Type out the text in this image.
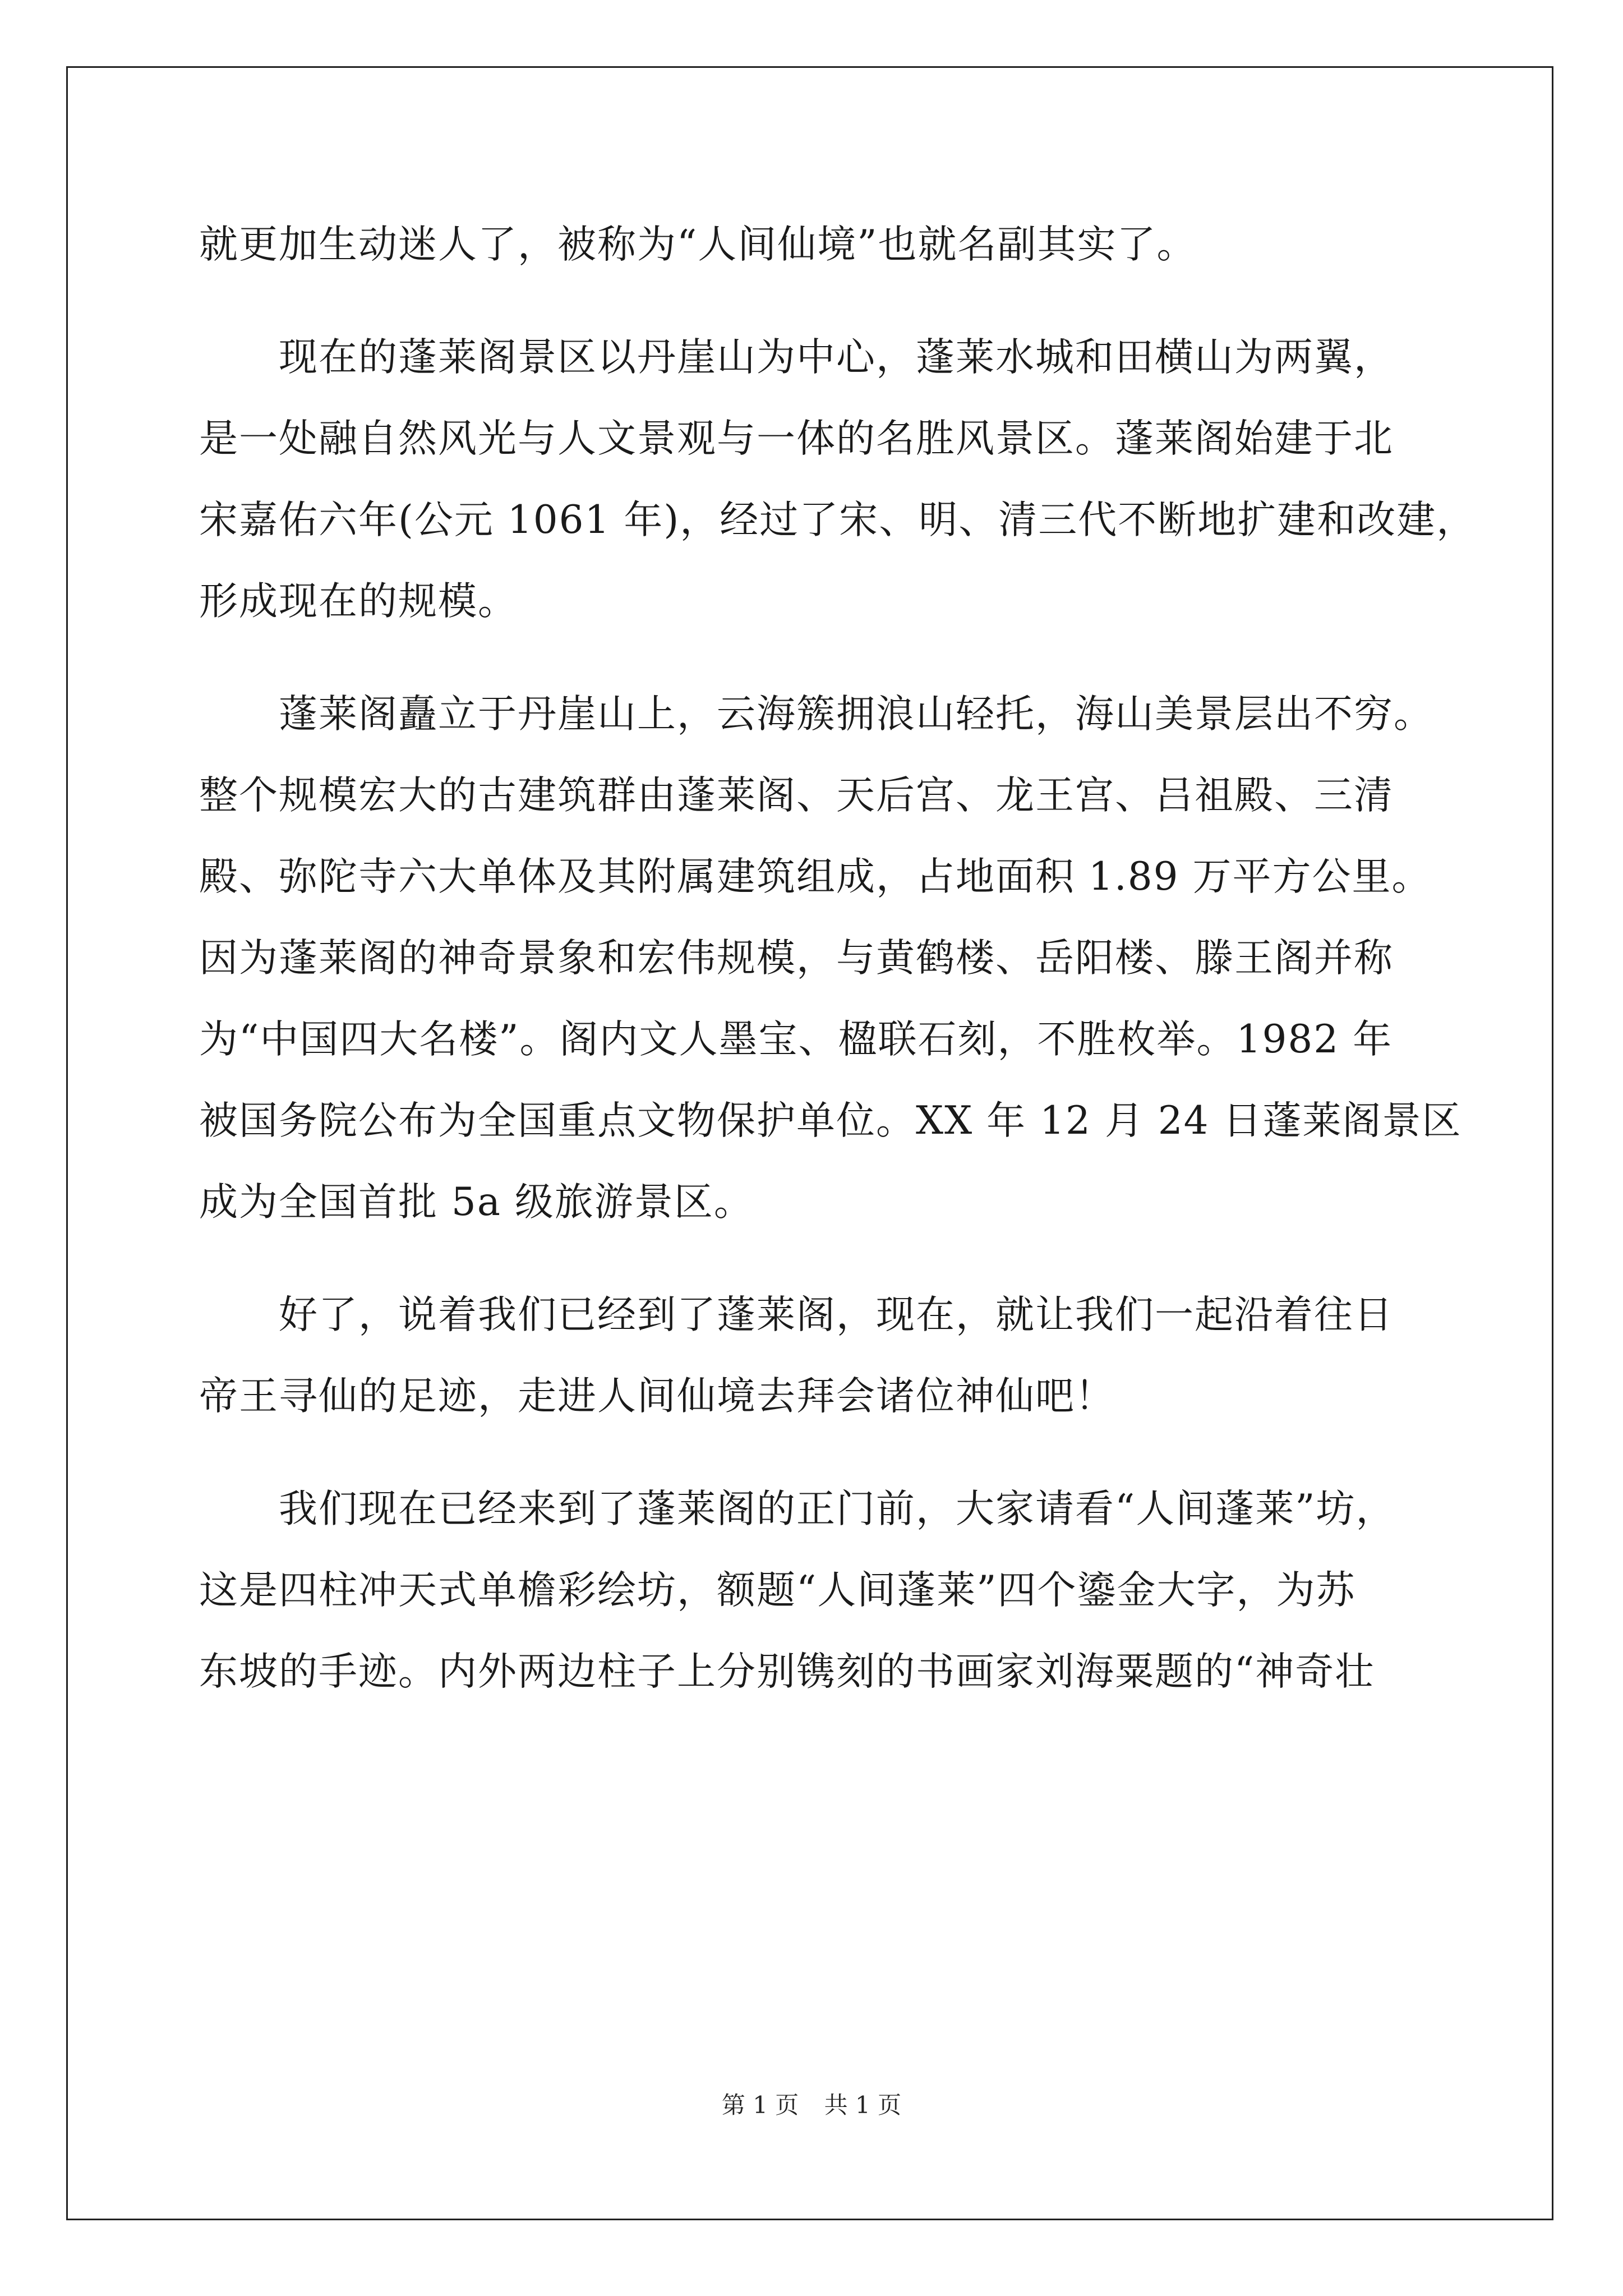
就更加生动迷人了，被称为“人间仙境”也就名副其实了。

　　现在的蓬莱阁景区以丹崖山为中心，蓬莱水城和田横山为两翼，
是一处融自然风光与人文景观与一体的名胜风景区。蓬莱阁始建于北
宋嘉佑六年(公元 1061 年)，经过了宋、明、清三代不断地扩建和改建，
形成现在的规模。

　　蓬莱阁矗立于丹崖山上，云海簇拥浪山轻托，海山美景层出不穷。
整个规模宏大的古建筑群由蓬莱阁、天后宫、龙王宫、吕祖殿、三清
殿、弥陀寺六大单体及其附属建筑组成，占地面积 1.89 万平方公里。
因为蓬莱阁的神奇景象和宏伟规模，与黄鹤楼、岳阳楼、滕王阁并称
为“中国四大名楼”。阁内文人墨宝、楹联石刻，不胜枚举。1982 年
被国务院公布为全国重点文物保护单位。XX 年 12 月 24 日蓬莱阁景区
成为全国首批 5a 级旅游景区。

　　好了，说着我们已经到了蓬莱阁，现在，就让我们一起沿着往日
帝王寻仙的足迹，走进人间仙境去拜会诸位神仙吧！

　　我们现在已经来到了蓬莱阁的正门前，大家请看“人间蓬莱”坊，
这是四柱冲天式单檐彩绘坊，额题“人间蓬莱”四个鎏金大字，为苏
东坡的手迹。内外两边柱子上分别镌刻的书画家刘海粟题的“神奇壮

第 1 页 共 1 页
